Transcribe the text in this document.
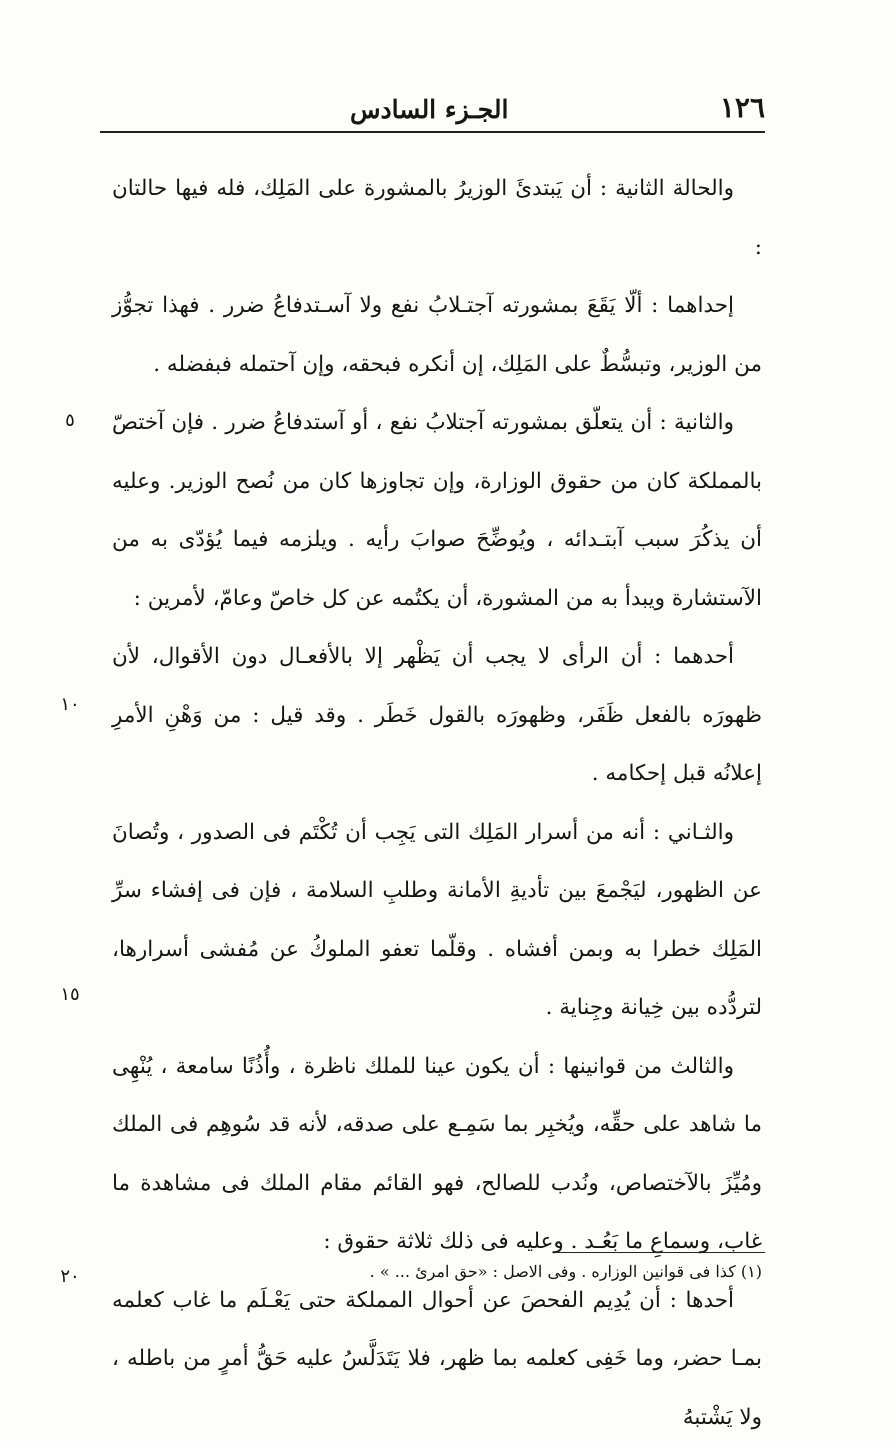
١٢٦
الجـزء السادس

والحالة الثانية : أن يَبتدئَ الوزيرُ بالمشورة على المَلِك، فله فيها حالتان :

إحداهما : ألّا يَقَعَ بمشورته آجتـلابُ نفع ولا آسـتدفاعُ ضرر . فهذا تجوُّز من الوزير، وتبسُّطٌ على المَلِك، إن أنكره فبحقه، وإن آحتمله فبفضله .

والثانية : أن يتعلّق بمشورته آجتلابُ نفع ، أو آستدفاعُ ضرر . فإن آختصّ بالمملكة كان من حقوق الوزارة، وإن تجاوزها كان من نُصح الوزير. وعليه أن يذكُرَ سبب آبتـدائه ، ويُوضِّحَ صوابَ رأيه . ويلزمه فيما يُؤدّى به من الآستشارة ويبدأ به من المشورة، أن يكتُمه عن كل خاصّ وعامّ، لأمرين :

أحدهما : أن الرأى لا يجب أن يَظْهر إلا بالأفعـال دون الأقوال، لأن ظهورَه بالفعل ظَفَر، وظهورَه بالقول خَطَر . وقد قيل : من وَهْنِ الأمرِ إعلانُه قبل إحكامه .

والثـاني : أنه من أسرار المَلِك التى يَجِب أن تُكْتَم فى الصدور ، وتُصانَ عن الظهور، ليَجْمعَ بين تأديةِ الأمانة وطلبِ السلامة ، فإن فى إفشاء سرِّ المَلِك خطرا به وبمن أفشاه . وقلّما تعفو الملوكُ عن مُفشى أسرارها، لتردُّده بين خِيانة وجِناية .

والثالث من قوانينها : أن يكون عينا للملك ناظرة ، وأُذُنًا سامعة ، يُنْهِى ما شاهد على حقِّه، ويُخبِر بما سَمِـع على صدقه، لأنه قد سُوهِم فى الملك ومُيِّزَ بالآختصاص، ونُدب للصالح، فهو القائم مقام الملك فى مشاهدة ما غاب، وسماعِ ما بَعُـد . وعليه فى ذلك ثلاثة حقوق :

أحدها : أن يُدِيم الفحصَ عن أحوال المملكة حتى يَعْـلَم ما غاب كعلمه بمـا حضر، وما خَفِى كعلمه بما ظهر، فلا يَتَدَلَّسُ عليه حَقُّ أمرٍ من باطله ، ولا يَشْتبهُ

٥
١٠
١٥
٢٠	(١) كذا فى قوانين الوزاره . وفى الاصل : «حق امرئ ... » .
